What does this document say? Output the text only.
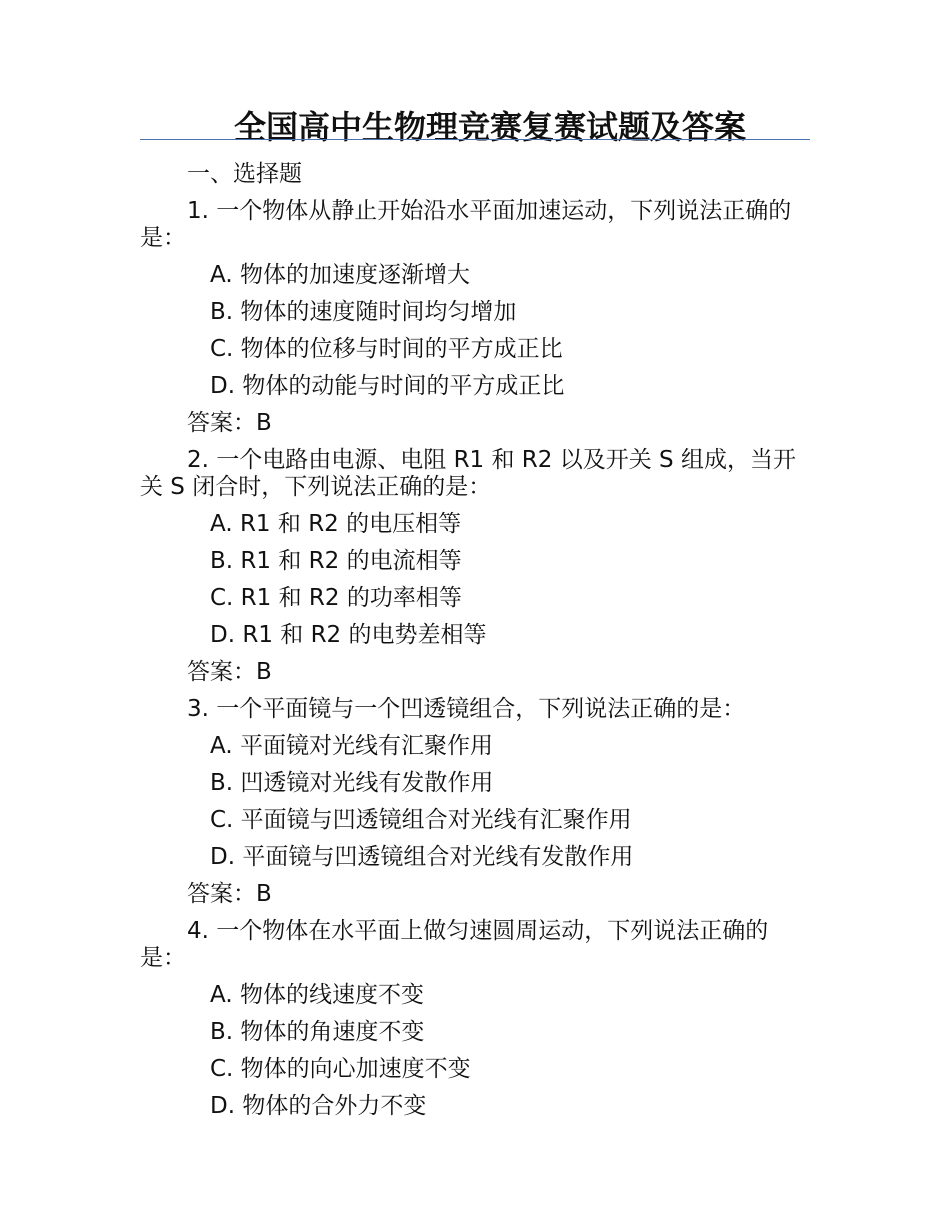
全国高中生物理竞赛复赛试题及答案
一、选择题
1. 一个物体从静止开始沿水平面加速运动，下列说法正确的是：
A. 物体的加速度逐渐增大
B. 物体的速度随时间均匀增加
C. 物体的位移与时间的平方成正比
D. 物体的动能与时间的平方成正比
答案：B
2. 一个电路由电源、电阻 R1 和 R2 以及开关 S 组成，当开关 S 闭合时，下列说法正确的是：
A. R1 和 R2 的电压相等
B. R1 和 R2 的电流相等
C. R1 和 R2 的功率相等
D. R1 和 R2 的电势差相等
答案：B
3. 一个平面镜与一个凹透镜组合，下列说法正确的是：
A. 平面镜对光线有汇聚作用
B. 凹透镜对光线有发散作用
C. 平面镜与凹透镜组合对光线有汇聚作用
D. 平面镜与凹透镜组合对光线有发散作用
答案：B
4. 一个物体在水平面上做匀速圆周运动，下列说法正确的是：
A. 物体的线速度不变
B. 物体的角速度不变
C. 物体的向心加速度不变
D. 物体的合外力不变
